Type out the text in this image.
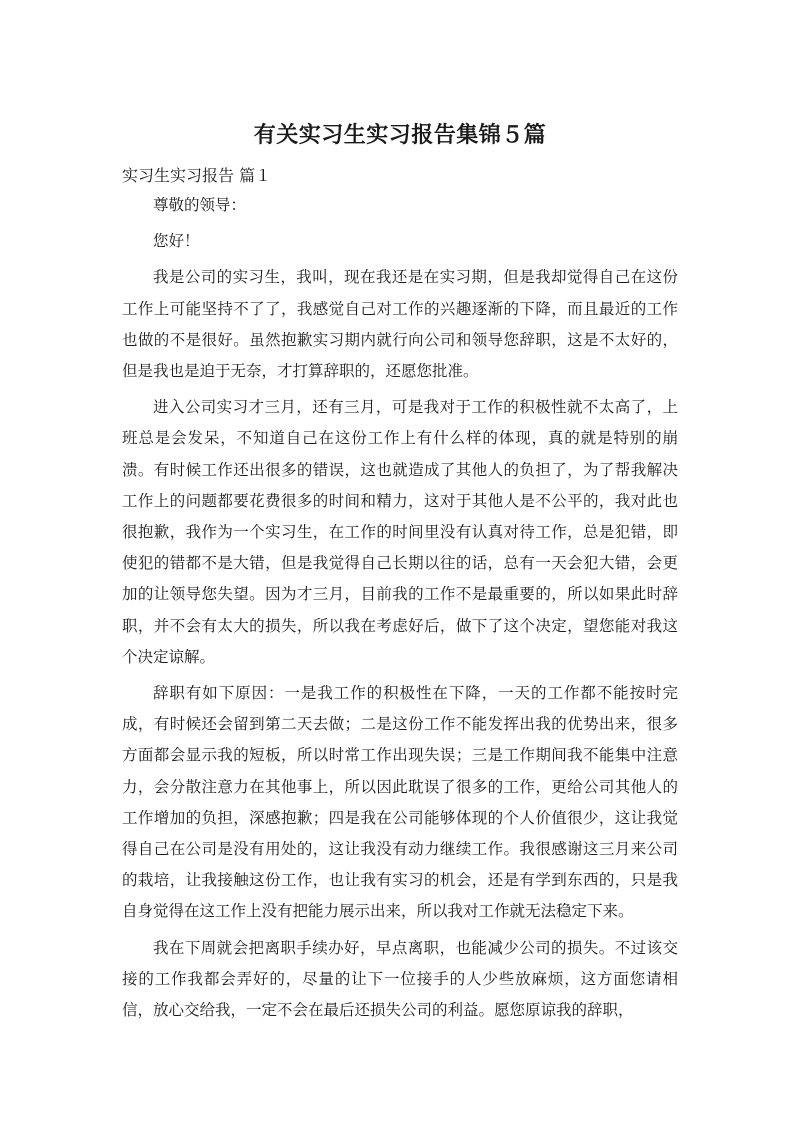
有关实习生实习报告集锦５篇
实习生实习报告 篇１

尊敬的领导：

您好！

我是公司的实习生，我叫，现在我还是在实习期，但是我却觉得自己在这份工作上可能坚持不了了，我感觉自己对工作的兴趣逐渐的下降，而且最近的工作也做的不是很好。虽然抱歉实习期内就行向公司和领导您辞职，这是不太好的，但是我也是迫于无奈，才打算辞职的，还愿您批准。

进入公司实习才三月，还有三月，可是我对于工作的积极性就不太高了，上班总是会发呆，不知道自己在这份工作上有什么样的体现，真的就是特别的崩溃。有时候工作还出很多的错误，这也就造成了其他人的负担了，为了帮我解决工作上的问题都要花费很多的时间和精力，这对于其他人是不公平的，我对此也很抱歉，我作为一个实习生，在工作的时间里没有认真对待工作，总是犯错，即使犯的错都不是大错，但是我觉得自己长期以往的话，总有一天会犯大错，会更加的让领导您失望。因为才三月，目前我的工作不是最重要的，所以如果此时辞职，并不会有太大的损失，所以我在考虑好后，做下了这个决定，望您能对我这个决定谅解。

辞职有如下原因：一是我工作的积极性在下降，一天的工作都不能按时完成，有时候还会留到第二天去做；二是这份工作不能发挥出我的优势出来，很多方面都会显示我的短板，所以时常工作出现失误；三是工作期间我不能集中注意力，会分散注意力在其他事上，所以因此耽误了很多的工作，更给公司其他人的工作增加的负担，深感抱歉；四是我在公司能够体现的个人价值很少，这让我觉得自己在公司是没有用处的，这让我没有动力继续工作。我很感谢这三月来公司的栽培，让我接触这份工作，也让我有实习的机会，还是有学到东西的，只是我自身觉得在这工作上没有把能力展示出来，所以我对工作就无法稳定下来。

我在下周就会把离职手续办好，早点离职，也能减少公司的损失。不过该交接的工作我都会弄好的，尽量的让下一位接手的人少些放麻烦，这方面您请相信，放心交给我，一定不会在最后还损失公司的利益。愿您原谅我的辞职，
